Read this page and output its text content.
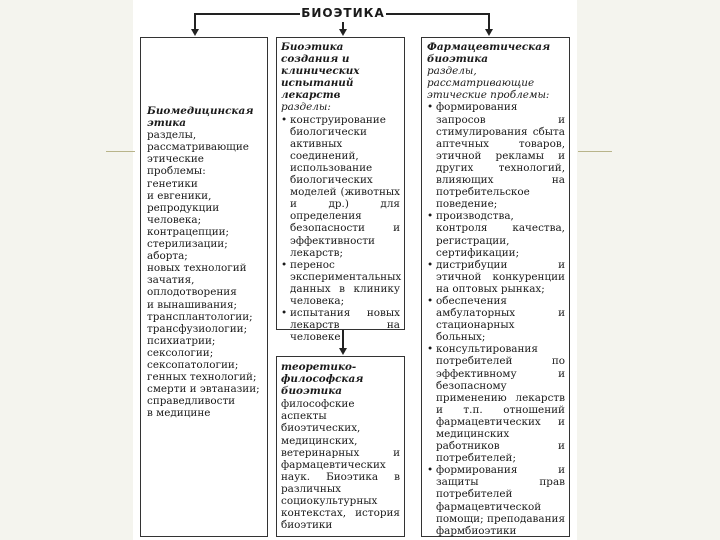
БИОЭТИКА
Биомедицинская этика
разделы, рассматривающие этические проблемы:
генетики
и евгеники,
репродукции человека;
контрацепции;
стерилизации;
аборта;
новых технологий зачатия,
оплодотворения
и вынашивания;
трансплантологии;
трансфузиологии;
психиатрии;
сексологии;
сексопатологии;
генных технологий;
смерти и эвтаназии;
справедливости
в медицине
Биоэтика создания и клинических испытаний лекарств
разделы:
• конструирование биологически активных соединений, использование биологических моделей (животных и др.) для определения безопасности и эффективности лекарств;
• перенос экспериментальных данных в клинику человека;
• испытания новых лекарств на человеке
теоретико-философская биоэтика
философские аспекты биоэтических, медицинских, ветеринарных и фармацевтических наук. Биоэтика в различных социокультурных контекстах, история биоэтики
Фармацевтическая биоэтика
разделы, рассматривающие этические проблемы:
• формирования запросов и стимулирования сбыта аптечных товаров, этичной рекламы и других технологий, влияющих на потребительское поведение;
• производства, контроля качества, регистрации, сертификации;
• дистрибуции и этичной конкуренции на оптовых рынках;
• обеспечения амбулаторных и стационарных больных;
• консультирования потребителей по эффективному и безопасному применению лекарств и т.п. отношений фармацевтических и медицинских работников и потребителей;
• формирования и защиты прав потребителей фармацевтической помощи; преподавания фармбиоэтики
